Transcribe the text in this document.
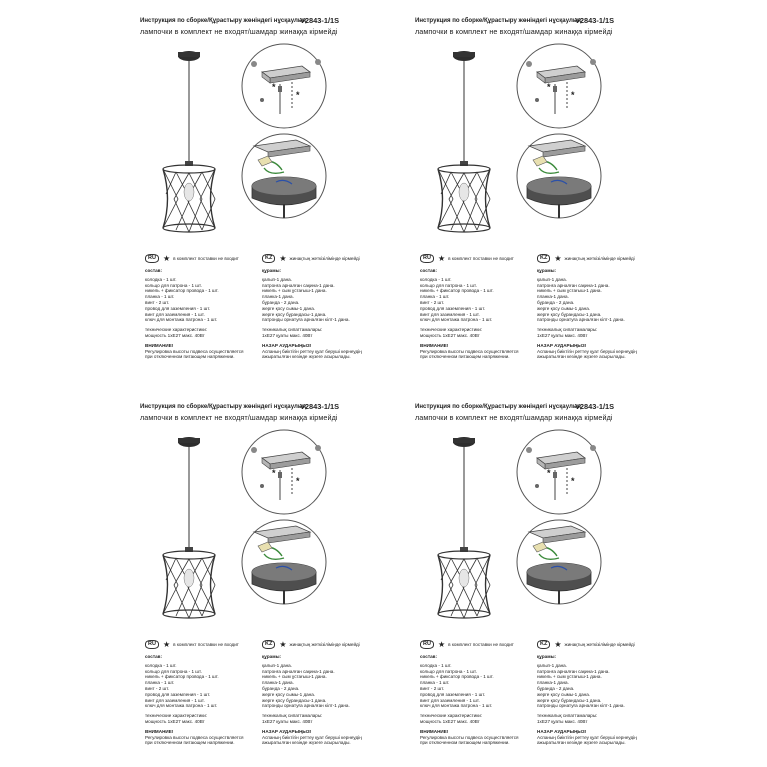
Инструкция по сборке/Құрастыру жөніндегі нұсқаулық
V2843-1/1S
лампочки в комплект не входят/шамдар жинаққа кірмейді
*
*
RU ★ в комплект поставки не входит	KZ ★ жинақтың жеткізілімінде кірмейді
состав:
колодка - 1 шт.
кольцо для патрона - 1 шт.
никель + фиксатор провода - 1 шт.
планка - 1 шт.
винт - 2 шт.
провод для заземления - 1 шт.
винт для заземления - 1 шт.
ключ для монтажа патрона - 1 шт.
технические характеристики:
мощность 1xE27 макс. 40Вт
ВНИМАНИЕ!
Регулировка высоты подвеса осуществляется
при отключенном питающем напряжении.
құрамы:
қалып-1 дана.
патронға арналған сақина-1 дана.
никель + сым ұстағыш-1 дана.
планка-1 дана.
бұранда - 2 дана.
жерге қосу сымы-1 дана.
жерге қосу бұрандасы-1 дана.
патронды орнатуға арналған кілт-1 дана.
техникалық сипаттамалары:
1xE27 қуаты макс. 40Вт
НАЗАР АУДАРЫҢЫЗ!
Аспаның биіктігін реттеу қуат беруші кернеудің
ажыратылған кезінде жүзеге асырылады.
Инструкция по сборке/Құрастыру жөніндегі нұсқаулық
V2843-1/1S
лампочки в комплект не входят/шамдар жинаққа кірмейді
*
*
RU ★ в комплект поставки не входит	KZ ★ жинақтың жеткізілімінде кірмейді
состав:
колодка - 1 шт.
кольцо для патрона - 1 шт.
никель + фиксатор провода - 1 шт.
планка - 1 шт.
винт - 2 шт.
провод для заземления - 1 шт.
винт для заземления - 1 шт.
ключ для монтажа патрона - 1 шт.
технические характеристики:
мощность 1xE27 макс. 40Вт
ВНИМАНИЕ!
Регулировка высоты подвеса осуществляется
при отключенном питающем напряжении.
құрамы:
қалып-1 дана.
патронға арналған сақина-1 дана.
никель + сым ұстағыш-1 дана.
планка-1 дана.
бұранда - 2 дана.
жерге қосу сымы-1 дана.
жерге қосу бұрандасы-1 дана.
патронды орнатуға арналған кілт-1 дана.
техникалық сипаттамалары:
1xE27 қуаты макс. 40Вт
НАЗАР АУДАРЫҢЫЗ!
Аспаның биіктігін реттеу қуат беруші кернеудің
ажыратылған кезінде жүзеге асырылады.
Инструкция по сборке/Құрастыру жөніндегі нұсқаулық
V2843-1/1S
лампочки в комплект не входят/шамдар жинаққа кірмейді
*
*
RU ★ в комплект поставки не входит	KZ ★ жинақтың жеткізілімінде кірмейді
состав:
колодка - 1 шт.
кольцо для патрона - 1 шт.
никель + фиксатор провода - 1 шт.
планка - 1 шт.
винт - 2 шт.
провод для заземления - 1 шт.
винт для заземления - 1 шт.
ключ для монтажа патрона - 1 шт.
технические характеристики:
мощность 1xE27 макс. 40Вт
ВНИМАНИЕ!
Регулировка высоты подвеса осуществляется
при отключенном питающем напряжении.
құрамы:
қалып-1 дана.
патронға арналған сақина-1 дана.
никель + сым ұстағыш-1 дана.
планка-1 дана.
бұранда - 2 дана.
жерге қосу сымы-1 дана.
жерге қосу бұрандасы-1 дана.
патронды орнатуға арналған кілт-1 дана.
техникалық сипаттамалары:
1xE27 қуаты макс. 40Вт
НАЗАР АУДАРЫҢЫЗ!
Аспаның биіктігін реттеу қуат беруші кернеудің
ажыратылған кезінде жүзеге асырылады.
Инструкция по сборке/Құрастыру жөніндегі нұсқаулық
V2843-1/1S
лампочки в комплект не входят/шамдар жинаққа кірмейді
*
*
RU ★ в комплект поставки не входит	KZ ★ жинақтың жеткізілімінде кірмейді
состав:
колодка - 1 шт.
кольцо для патрона - 1 шт.
никель + фиксатор провода - 1 шт.
планка - 1 шт.
винт - 2 шт.
провод для заземления - 1 шт.
винт для заземления - 1 шт.
ключ для монтажа патрона - 1 шт.
технические характеристики:
мощность 1xE27 макс. 40Вт
ВНИМАНИЕ!
Регулировка высоты подвеса осуществляется
при отключенном питающем напряжении.
құрамы:
қалып-1 дана.
патронға арналған сақина-1 дана.
никель + сым ұстағыш-1 дана.
планка-1 дана.
бұранда - 2 дана.
жерге қосу сымы-1 дана.
жерге қосу бұрандасы-1 дана.
патронды орнатуға арналған кілт-1 дана.
техникалық сипаттамалары:
1xE27 қуаты макс. 40Вт
НАЗАР АУДАРЫҢЫЗ!
Аспаның биіктігін реттеу қуат беруші кернеудің
ажыратылған кезінде жүзеге асырылады.
